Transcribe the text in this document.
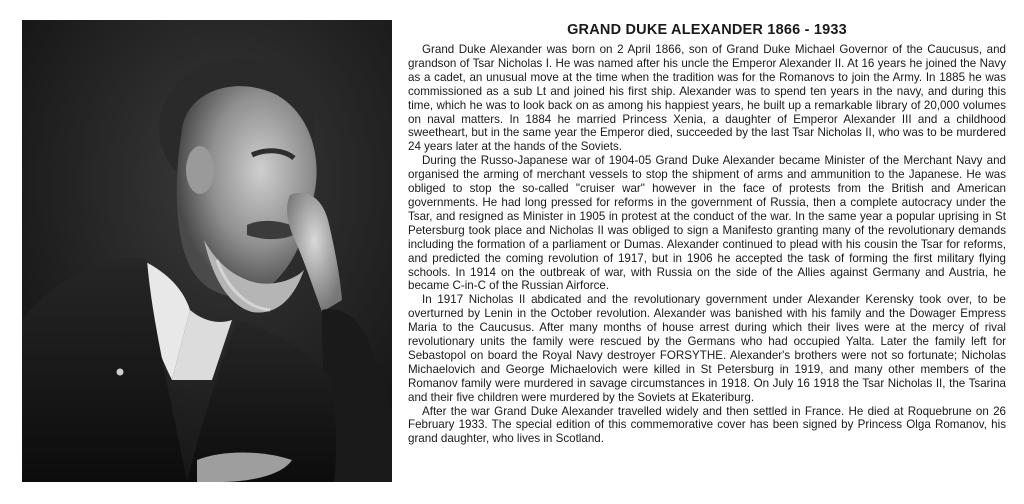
GRAND DUKE ALEXANDER 1866 - 1933

Grand Duke Alexander was born on 2 April 1866, son of Grand Duke Michael Governor of the Caucusus, and grandson of Tsar Nicholas I. He was named after his uncle the Emperor Alexander II. At 16 years he joined the Navy as a cadet, an unusual move at the time when the tradition was for the Romanovs to join the Army. In 1885 he was commissioned as a sub Lt and joined his first ship. Alexander was to spend ten years in the navy, and during this time, which he was to look back on as among his happiest years, he built up a remarkable library of 20,000 volumes on naval matters. In 1884 he married Princess Xenia, a daughter of Emperor Alexander III and a childhood sweetheart, but in the same year the Emperor died, succeeded by the last Tsar Nicholas II, who was to be murdered 24 years later at the hands of the Soviets.

During the Russo-Japanese war of 1904-05 Grand Duke Alexander became Minister of the Merchant Navy and organised the arming of merchant vessels to stop the shipment of arms and ammunition to the Japanese. He was obliged to stop the so-called "cruiser war" however in the face of protests from the British and American governments. He had long pressed for reforms in the government of Russia, then a complete autocracy under the Tsar, and resigned as Minister in 1905 in protest at the conduct of the war. In the same year a popular uprising in St Petersburg took place and Nicholas II was obliged to sign a Manifesto granting many of the revolutionary demands including the formation of a parliament or Dumas. Alexander continued to plead with his cousin the Tsar for reforms, and predicted the coming revolution of 1917, but in 1906 he accepted the task of forming the first military flying schools. In 1914 on the outbreak of war, with Russia on the side of the Allies against Germany and Austria, he became C-in-C of the Russian Airforce.

In 1917 Nicholas II abdicated and the revolutionary government under Alexander Kerensky took over, to be overturned by Lenin in the October revolution. Alexander was banished with his family and the Dowager Empress Maria to the Caucusus. After many months of house arrest during which their lives were at the mercy of rival revolutionary units the family were rescued by the Germans who had occupied Yalta. Later the family left for Sebastopol on board the Royal Navy destroyer FORSYTHE. Alexander's brothers were not so fortunate; Nicholas Michaelovich and George Michaelovich were killed in St Petersburg in 1919, and many other members of the Romanov family were murdered in savage circumstances in 1918. On July 16 1918 the Tsar Nicholas II, the Tsarina and their five children were murdered by the Soviets at Ekateriburg.

After the war Grand Duke Alexander travelled widely and then settled in France. He died at Roquebrune on 26 February 1933. The special edition of this commemorative cover has been signed by Princess Olga Romanov, his grand daughter, who lives in Scotland.
